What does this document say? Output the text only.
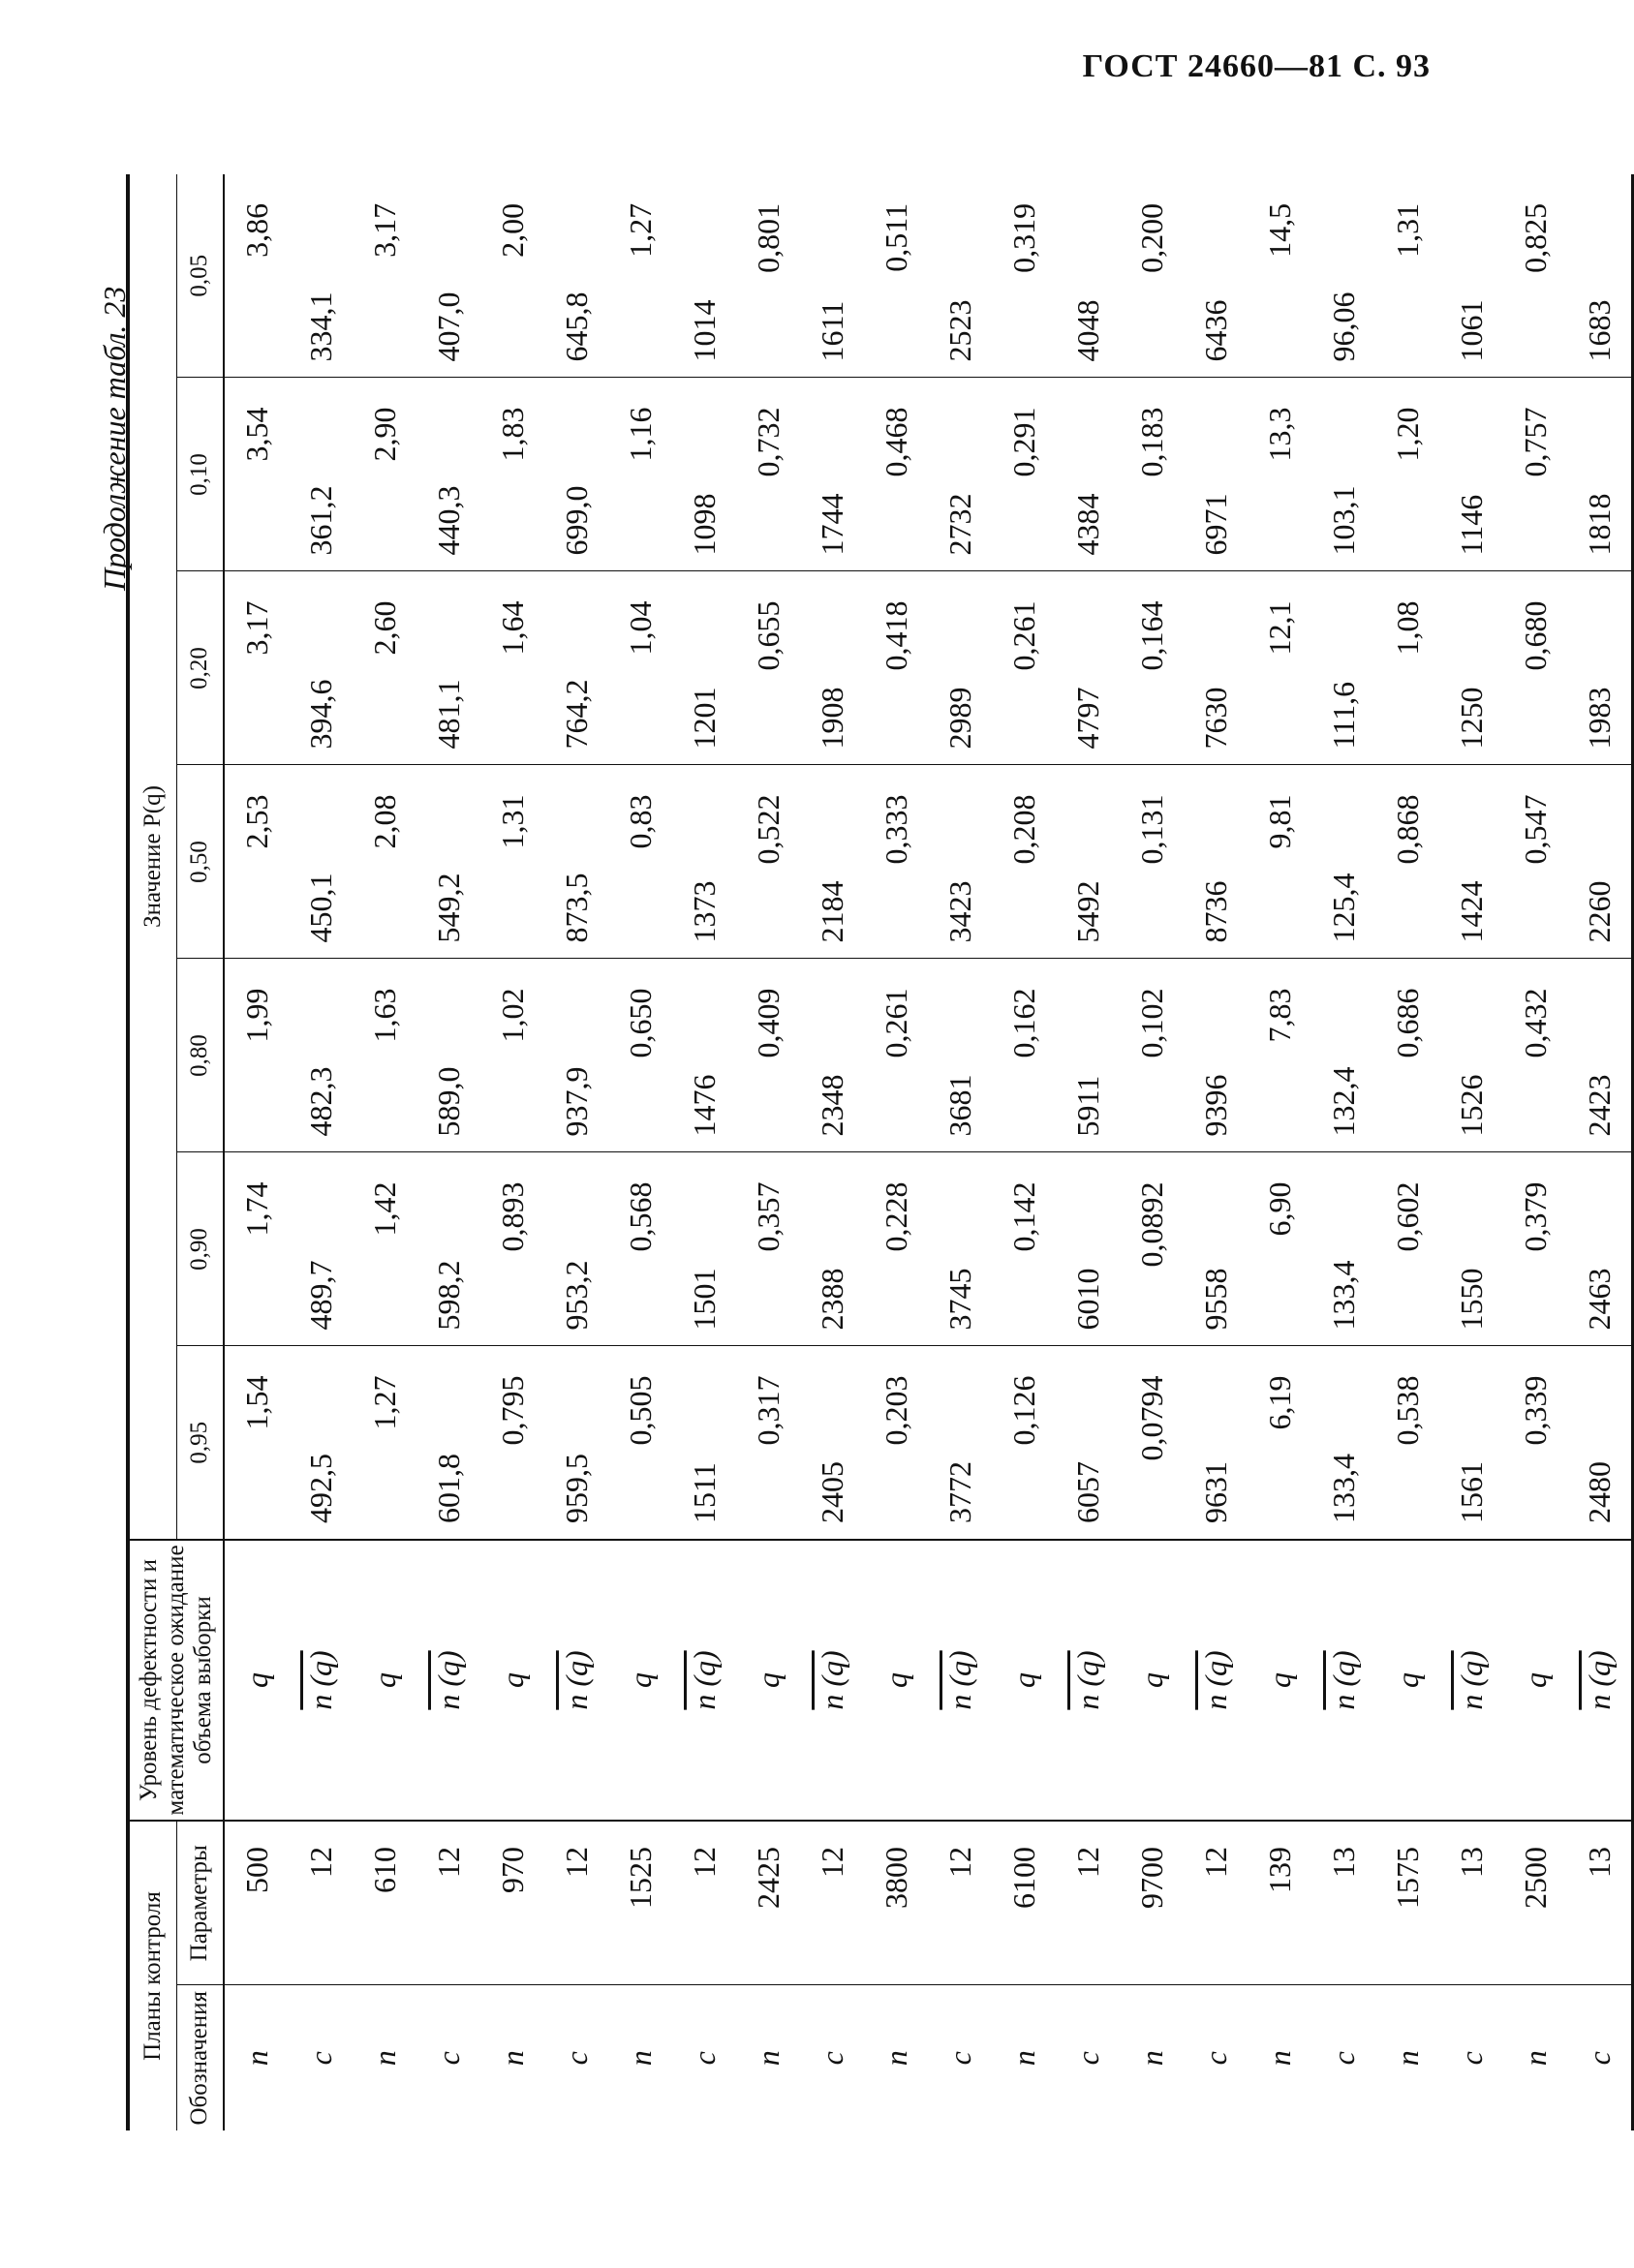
ГОСТ 24660—81 С. 93
Продолжение табл. 23
Планы контроля		Уровень дефектности и математическое ожидание объема выборки	Значение P(q)						
Обозначения	Параметры		0,95	0,90	0,80	0,50	0,20	0,10	0,05
n	500	q	1,54	1,74	1,99	2,53	3,17	3,54	3,86
c	12	n (q)	492,5	489,7	482,3	450,1	394,6	361,2	334,1
n	610	q	1,27	1,42	1,63	2,08	2,60	2,90	3,17
c	12	n (q)	601,8	598,2	589,0	549,2	481,1	440,3	407,0
n	970	q	0,795	0,893	1,02	1,31	1,64	1,83	2,00
c	12	n (q)	959,5	953,2	937,9	873,5	764,2	699,0	645,8
n	1525	q	0,505	0,568	0,650	0,83	1,04	1,16	1,27
c	12	n (q)	1511	1501	1476	1373	1201	1098	1014
n	2425	q	0,317	0,357	0,409	0,522	0,655	0,732	0,801
c	12	n (q)	2405	2388	2348	2184	1908	1744	1611
n	3800	q	0,203	0,228	0,261	0,333	0,418	0,468	0,511
c	12	n (q)	3772	3745	3681	3423	2989	2732	2523
n	6100	q	0,126	0,142	0,162	0,208	0,261	0,291	0,319
c	12	n (q)	6057	6010	5911	5492	4797	4384	4048
n	9700	q	0,0794	0,0892	0,102	0,131	0,164	0,183	0,200
c	12	n (q)	9631	9558	9396	8736	7630	6971	6436
n	139	q	6,19	6,90	7,83	9,81	12,1	13,3	14,5
c	13	n (q)	133,4	133,4	132,4	125,4	111,6	103,1	96,06
n	1575	q	0,538	0,602	0,686	0,868	1,08	1,20	1,31
c	13	n (q)	1561	1550	1526	1424	1250	1146	1061
n	2500	q	0,339	0,379	0,432	0,547	0,680	0,757	0,825
c	13	n (q)	2480	2463	2423	2260	1983	1818	1683
